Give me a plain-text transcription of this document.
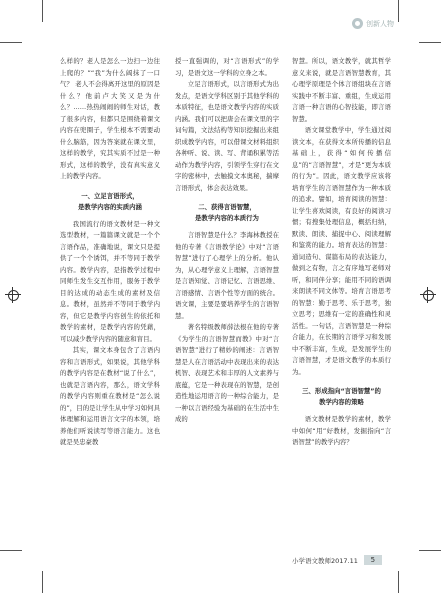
创新人物

么样的？老人是怎么一边扫一边往上爬的？”“我”为什么阔抹了一口气？ 老人不会得离开这里的原因是什么？他前卢大笑又是为什么？……热热闹闹的师生对话，教了很多内容，但都只是围绕着课文内容在兜圈子，学生根本不需要动什么脑筋，因为答案就在课文里，这样的教学，究其实质不过是一种形式，这样的教学，没有真实意义上的教学内容。

一、立足言语形式，
是教学内容的实质内涵

我国流行的语文教材是一种文选型教材，一篇篇课文就是一个个言语作品，准确地说，课文只是提供了一个个诱饵，并不等同于教学内容。教学内容，是指教学过程中同师生发生交互作用，服务于教学目的达成的动态生成的素材及信息。教材，虽然并不等同于教学内容，但它是教学内容创生的依托和教学的素材，是教学内容的凭藉，可以减少教学内容的随意和盲目。

其实，课文本身包含了言语内容和言语形式，如果说，其他学科的教学内容是在教材“说了什么”，也就是言语内容，那么，语文学科的教学内容则重在教材是“怎么说的”，目的是让学生从中学习如何具体理解和运用语言文字的本领，培养他们听说读写等语言能力。这也就是吴忠豪教

授一直强调的，对“言语形式”的学习，是语文这一学科的立身之本。

立足言语形式，以言语形式为出发点，是语文学科区别于其他学科的本质特征，也是语文教学内容的实质内涵。我们可以把唐会在课文里的字词句篇，文法结构等知识挖掘出来组织成教学内容，可以借课文材料组织各种听、说、读、写、背诵积累等活动作为教学内容，引领学生穿行在文字的密林中，去触摸文本奥秘，揣摩言语形式，体会表达效果。

二、获得言语智慧，
是教学内容的本质行为

言语智慧是什么？李海林教授在他的专著《言语教学论》中对“言语智慧”进行了心理学上的分析。他认为，从心理学意义上理解，言语智慧是言语知觉、言语记忆、言语思维、言语感情、言语个性等方面的统合。语文课，主要是要培养学生的言语智慧。

著名特级教师薛法根在他的专著《为学生的言语智慧而教》中对“言语智慧”进行了精妙的阐述：言语智慧是人在言语活动中表现出来的表达机智、表现艺术和丰厚的人文素养与底蕴，它是一种表现在的智慧，是创造性地运用语言的一种综合能力，是一种以言语经验为基础的在生活中生成的

智慧。所以，语文教学，就其哲学意义来说，就是言语智慧教育，其心理学原理是个体言语组块在言语实践中不断丰富、重组，生成运用言语一种言语的心智技能，即言语智慧。

语文课堂教学中，学生通过阅读文本，在获得文本所传播的信息基础上，获得“如何传播信息”的“言语智慧”，才是“更为本质的行为”。因此，语文教学应该将培育学生的言语智慧作为一种本质的追求。譬如，培育阅读的智慧：让学生喜欢阅读，有良好的阅读习惯；有搜集处理信息，概括归纳，默读、朗读、捕捉中心、阅读理解和鉴赏的能力。培育表达的智慧：通词造句、谋篇布局的表达能力，做到之有物，言之有序地写老师对听，和同伴分享；能用不同的语调来朗读不同文体等。培育言语思考的智慧：勤于思考、乐于思考，独立思考；思维有一定的准确性和灵活性。一句话，言语智慧是一种综合能力，在长期的言语学习和发展中不断丰富，生成，是发展学生的言语智慧，才是语文教学的本质行为。

三、形成指向“言语智慧”的
教学内容的策略

语文教材是教学的素材，教学中如何“用”好教材，发掘指向“言语智慧”的教学内容？

小学语文教师2017.11	5
